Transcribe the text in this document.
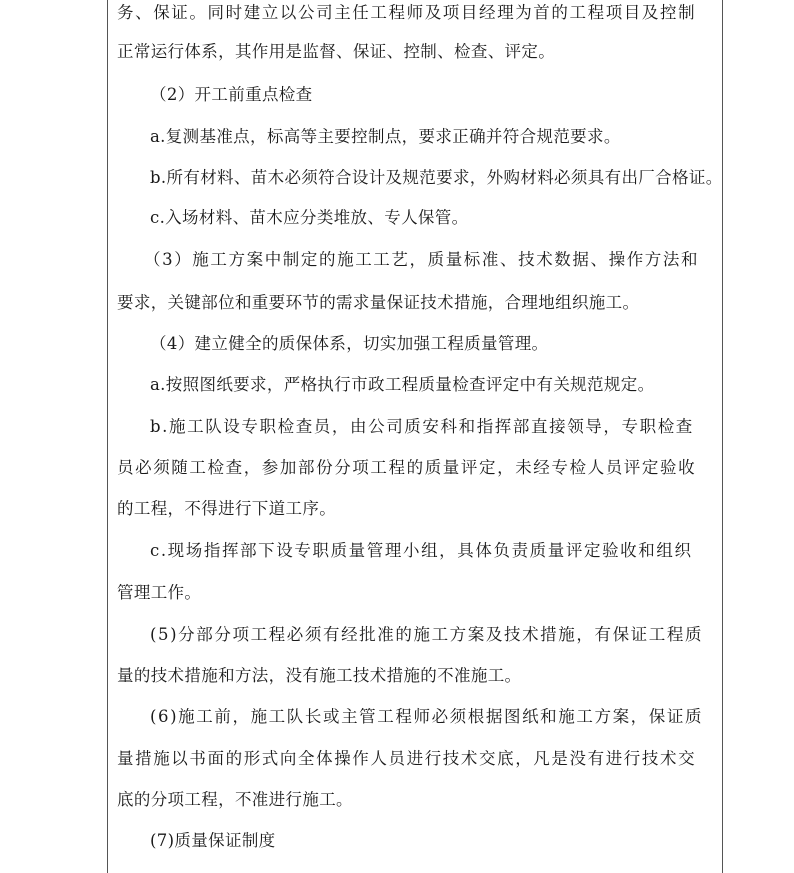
务、保证。同时建立以公司主任工程师及项目经理为首的工程项目及控制
正常运行体系，其作用是监督、保证、控制、检查、评定。
（2）开工前重点检查
a.复测基准点，标高等主要控制点，要求正确并符合规范要求。
b.所有材料、苗木必须符合设计及规范要求，外购材料必须具有出厂合格证。
c.入场材料、苗木应分类堆放、专人保管。
（3）施工方案中制定的施工工艺，质量标准、技术数据、操作方法和
要求，关键部位和重要环节的需求量保证技术措施，合理地组织施工。
（4）建立健全的质保体系，切实加强工程质量管理。
a.按照图纸要求，严格执行市政工程质量检查评定中有关规范规定。
b.施工队设专职检查员，由公司质安科和指挥部直接领导，专职检查
员必须随工检查，参加部份分项工程的质量评定，未经专检人员评定验收
的工程，不得进行下道工序。
c.现场指挥部下设专职质量管理小组，具体负责质量评定验收和组织
管理工作。
(5)分部分项工程必须有经批准的施工方案及技术措施，有保证工程质
量的技术措施和方法，没有施工技术措施的不准施工。
(6)施工前，施工队长或主管工程师必须根据图纸和施工方案，保证质
量措施以书面的形式向全体操作人员进行技术交底，凡是没有进行技术交
底的分项工程，不准进行施工。
(7)质量保证制度
